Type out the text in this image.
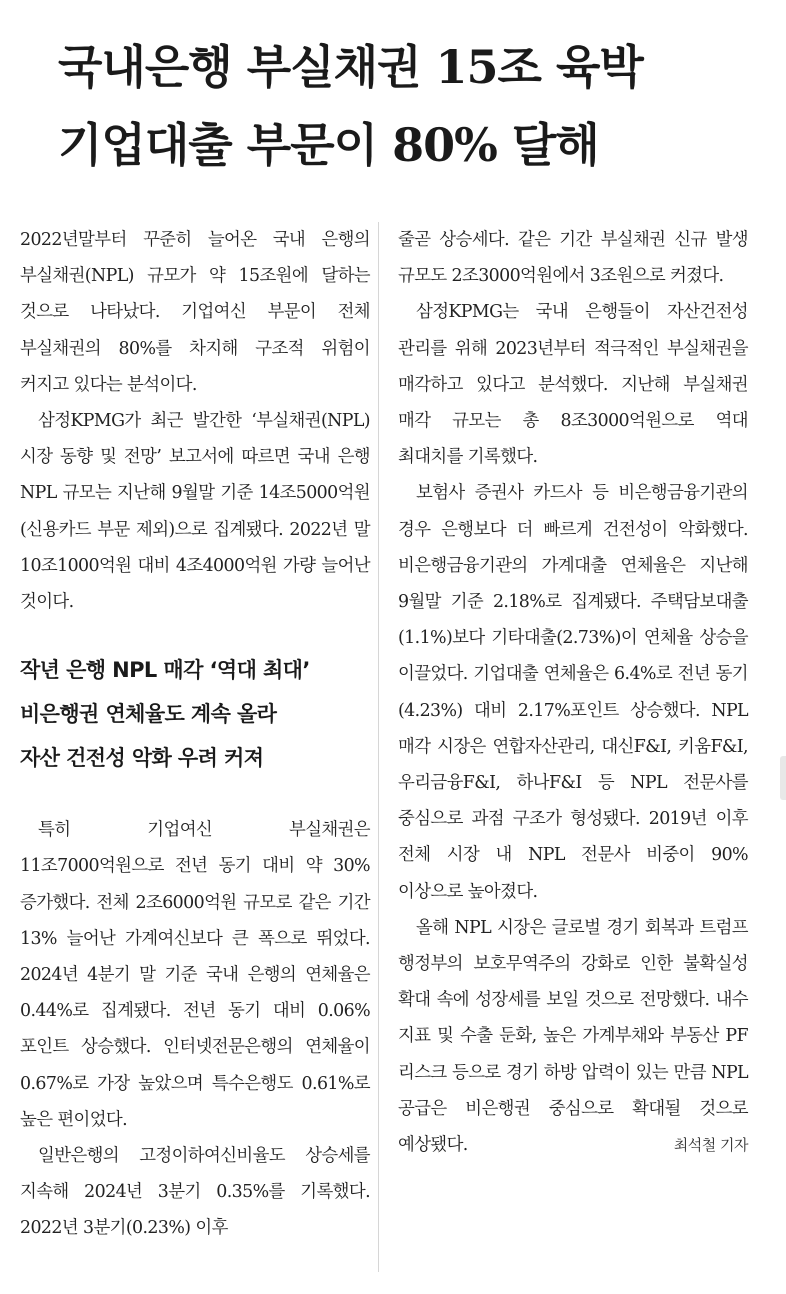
국내은행 부실채권 15조 육박
기업대출 부문이 80% 달해

2022년말부터 꾸준히 늘어온 국내 은행의 부실채권(NPL) 규모가 약 15조원에 달하는 것으로 나타났다. 기업여신 부문이 전체 부실채권의 80%를 차지해 구조적 위험이 커지고 있다는 분석이다.

삼정KPMG가 최근 발간한 ‘부실채권(NPL) 시장 동향 및 전망’ 보고서에 따르면 국내 은행 NPL 규모는 지난해 9월말 기준 14조5000억원(신용카드 부문 제외)으로 집계됐다. 2022년 말 10조1000억원 대비 4조4000억원 가량 늘어난 것이다.

작년 은행 NPL 매각 ‘역대 최대’
비은행권 연체율도 계속 올라
자산 건전성 악화 우려 커져

특히 기업여신 부실채권은 11조7000억원으로 전년 동기 대비 약 30% 증가했다. 전체 2조6000억원 규모로 같은 기간 13% 늘어난 가계여신보다 큰 폭으로 뛰었다. 2024년 4분기 말 기준 국내 은행의 연체율은 0.44%로 집계됐다. 전년 동기 대비 0.06%포인트 상승했다. 인터넷전문은행의 연체율이 0.67%로 가장 높았으며 특수은행도 0.61%로 높은 편이었다.

일반은행의 고정이하여신비율도 상승세를 지속해 2024년 3분기 0.35%를 기록했다. 2022년 3분기(0.23%) 이후

줄곧 상승세다. 같은 기간 부실채권 신규 발생 규모도 2조3000억원에서 3조원으로 커졌다.

삼정KPMG는 국내 은행들이 자산건전성 관리를 위해 2023년부터 적극적인 부실채권을 매각하고 있다고 분석했다. 지난해 부실채권 매각 규모는 총 8조3000억원으로 역대 최대치를 기록했다.

보험사 증권사 카드사 등 비은행금융기관의 경우 은행보다 더 빠르게 건전성이 악화했다. 비은행금융기관의 가계대출 연체율은 지난해 9월말 기준 2.18%로 집계됐다. 주택담보대출(1.1%)보다 기타대출(2.73%)이 연체율 상승을 이끌었다. 기업대출 연체율은 6.4%로 전년 동기(4.23%) 대비 2.17%포인트 상승했다. NPL 매각 시장은 연합자산관리, 대신F&I, 키움F&I, 우리금융F&I, 하나F&I 등 NPL 전문사를 중심으로 과점 구조가 형성됐다. 2019년 이후 전체 시장 내 NPL 전문사 비중이 90% 이상으로 높아졌다.

올해 NPL 시장은 글로벌 경기 회복과 트럼프 행정부의 보호무역주의 강화로 인한 불확실성 확대 속에 성장세를 보일 것으로 전망했다. 내수 지표 및 수출 둔화, 높은 가계부채와 부동산 PF 리스크 등으로 경기 하방 압력이 있는 만큼 NPL 공급은 비은행권 중심으로 확대될 것으로 예상됐다.	최석철 기자
